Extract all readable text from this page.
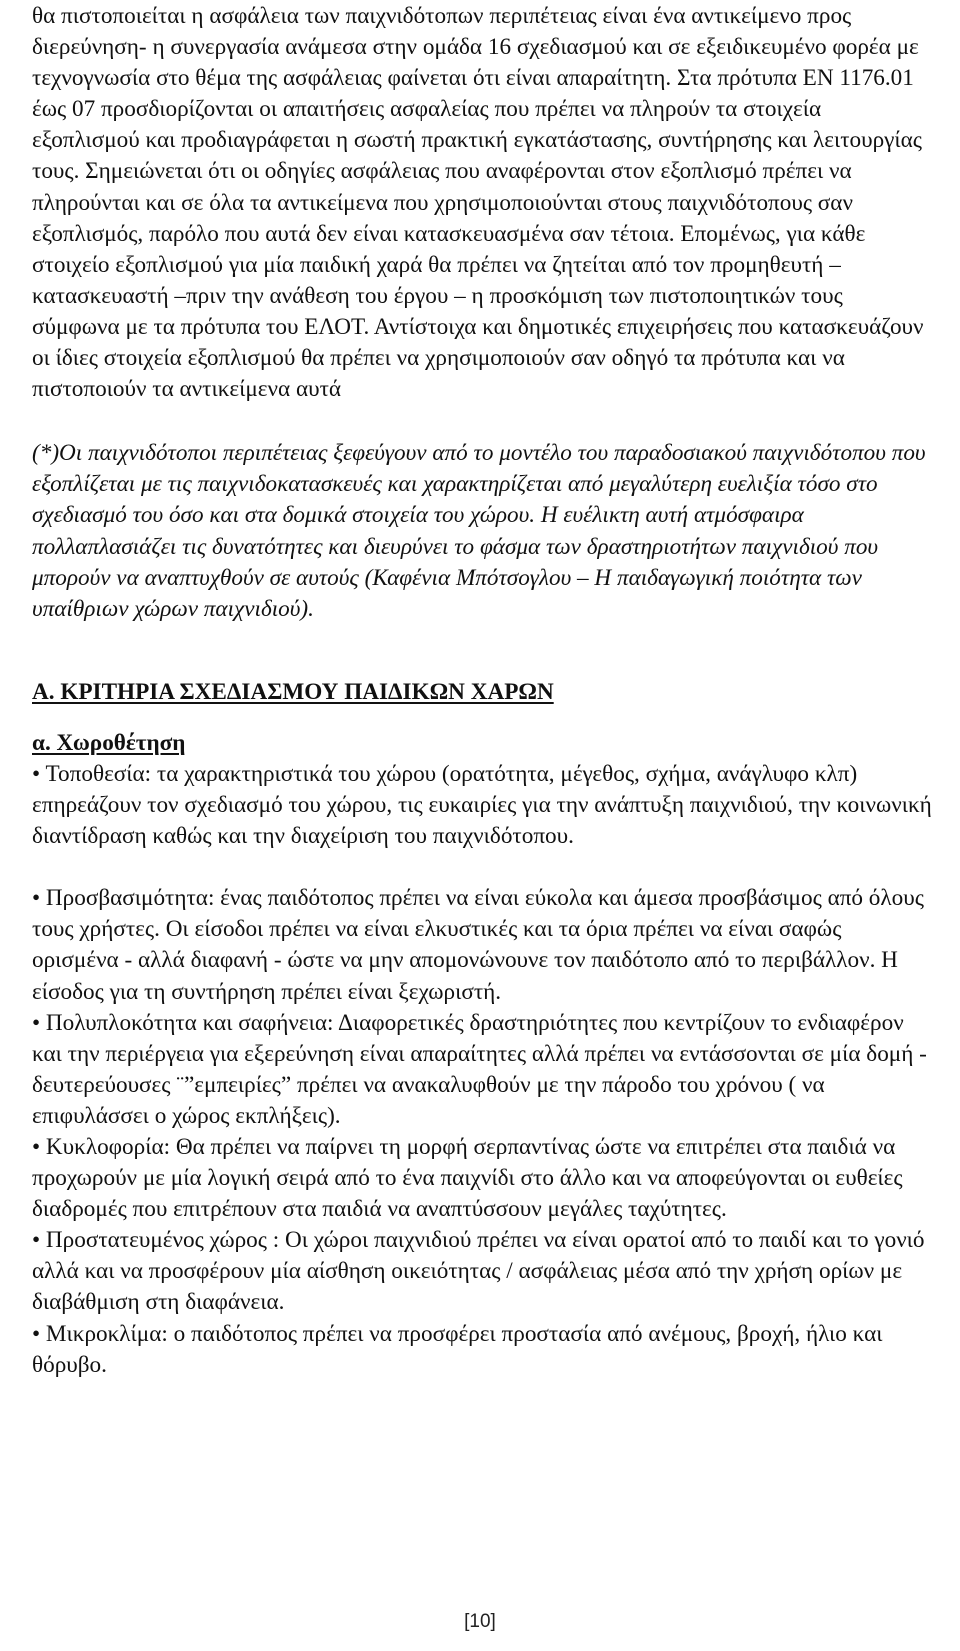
θα πιστοποιείται η ασφάλεια των παιχνιδότοπων περιπέτειας είναι ένα αντικείμενο προς διερεύνηση- η συνεργασία ανάμεσα στην ομάδα 16 σχεδιασμού και σε εξειδικευμένο φορέα με τεχνογνωσία στο θέμα της ασφάλειας φαίνεται ότι είναι απαραίτητη. Στα πρότυπα ΕΝ 1176.01 έως 07 προσδιορίζονται οι απαιτήσεις ασφαλείας που πρέπει να πληρούν τα στοιχεία εξοπλισμού και προδιαγράφεται η σωστή πρακτική εγκατάστασης, συντήρησης και λειτουργίας τους. Σημειώνεται ότι οι οδηγίες ασφάλειας που αναφέρονται στον εξοπλισμό πρέπει να πληρούνται και σε όλα τα αντικείμενα που χρησιμοποιούνται στους παιχνιδότοπους σαν εξοπλισμός, παρόλο που αυτά δεν είναι κατασκευασμένα σαν τέτοια. Επομένως, για κάθε στοιχείο εξοπλισμού για μία παιδική χαρά θα πρέπει να ζητείται από τον προμηθευτή – κατασκευαστή –πριν την ανάθεση του έργου – η προσκόμιση των πιστοποιητικών τους σύμφωνα με τα πρότυπα του ΕΛΟΤ. Αντίστοιχα και δημοτικές επιχειρήσεις που κατασκευάζουν οι ίδιες στοιχεία εξοπλισμού θα πρέπει να χρησιμοποιούν σαν οδηγό τα πρότυπα και να πιστοποιούν τα αντικείμενα αυτά

(*)Οι παιχνιδότοποι περιπέτειας ξεφεύγουν από το μοντέλο του παραδοσιακού παιχνιδότοπου που εξοπλίζεται με τις παιχνιδοκατασκευές και χαρακτηρίζεται από μεγαλύτερη ευελιξία τόσο στο σχεδιασμό του όσο και στα δομικά στοιχεία του χώρου. Η ευέλικτη αυτή ατμόσφαιρα πολλαπλασιάζει τις δυνατότητες και διευρύνει το φάσμα των δραστηριοτήτων παιχνιδιού που μπορούν να αναπτυχθούν σε αυτούς (Καφένια Μπότσογλου – Η παιδαγωγική ποιότητα των υπαίθριων χώρων παιχνιδιού).

Α. ΚΡΙΤΗΡΙΑ ΣΧΕΔΙΑΣΜΟΥ ΠΑΙΔΙΚΩΝ ΧΑΡΩΝ

α. Χωροθέτηση

• Τοποθεσία: τα χαρακτηριστικά του χώρου (ορατότητα, μέγεθος, σχήμα, ανάγλυφο κλπ) επηρεάζουν τον σχεδιασμό του χώρου, τις ευκαιρίες για την ανάπτυξη παιχνιδιού, την κοινωνική διαντίδραση καθώς και την διαχείριση του παιχνιδότοπου.

• Προσβασιμότητα: ένας παιδότοπος πρέπει να είναι εύκολα και άμεσα προσβάσιμος από όλους τους χρήστες. Οι είσοδοι πρέπει να είναι ελκυστικές και τα όρια πρέπει να είναι σαφώς ορισμένα - αλλά διαφανή - ώστε να μην απομονώνουνε τον παιδότοπο από το περιβάλλον. Η είσοδος για τη συντήρηση πρέπει είναι ξεχωριστή.

• Πολυπλοκότητα και σαφήνεια: Διαφορετικές δραστηριότητες που κεντρίζουν το ενδιαφέρον και την περιέργεια για εξερεύνηση είναι απαραίτητες αλλά πρέπει να εντάσσονται σε μία δομή - δευτερεύουσες ¨”εμπειρίες” πρέπει να ανακαλυφθούν με την πάροδο του χρόνου ( να επιφυλάσσει ο χώρος εκπλήξεις).

• Κυκλοφορία: Θα πρέπει να παίρνει τη μορφή σερπαντίνας ώστε να επιτρέπει στα παιδιά να προχωρούν με μία λογική σειρά από το ένα παιχνίδι στο άλλο και να αποφεύγονται οι ευθείες διαδρομές που επιτρέπουν στα παιδιά να αναπτύσσουν μεγάλες ταχύτητες.

• Προστατευμένος χώρος : Οι χώροι παιχνιδιού πρέπει να είναι ορατοί από το παιδί και το γονιό αλλά και να προσφέρουν μία αίσθηση οικειότητας / ασφάλειας μέσα από την χρήση ορίων με διαβάθμιση στη διαφάνεια.

• Μικροκλίμα: ο παιδότοπος πρέπει να προσφέρει προστασία από ανέμους, βροχή, ήλιο και θόρυβο.

[10]
